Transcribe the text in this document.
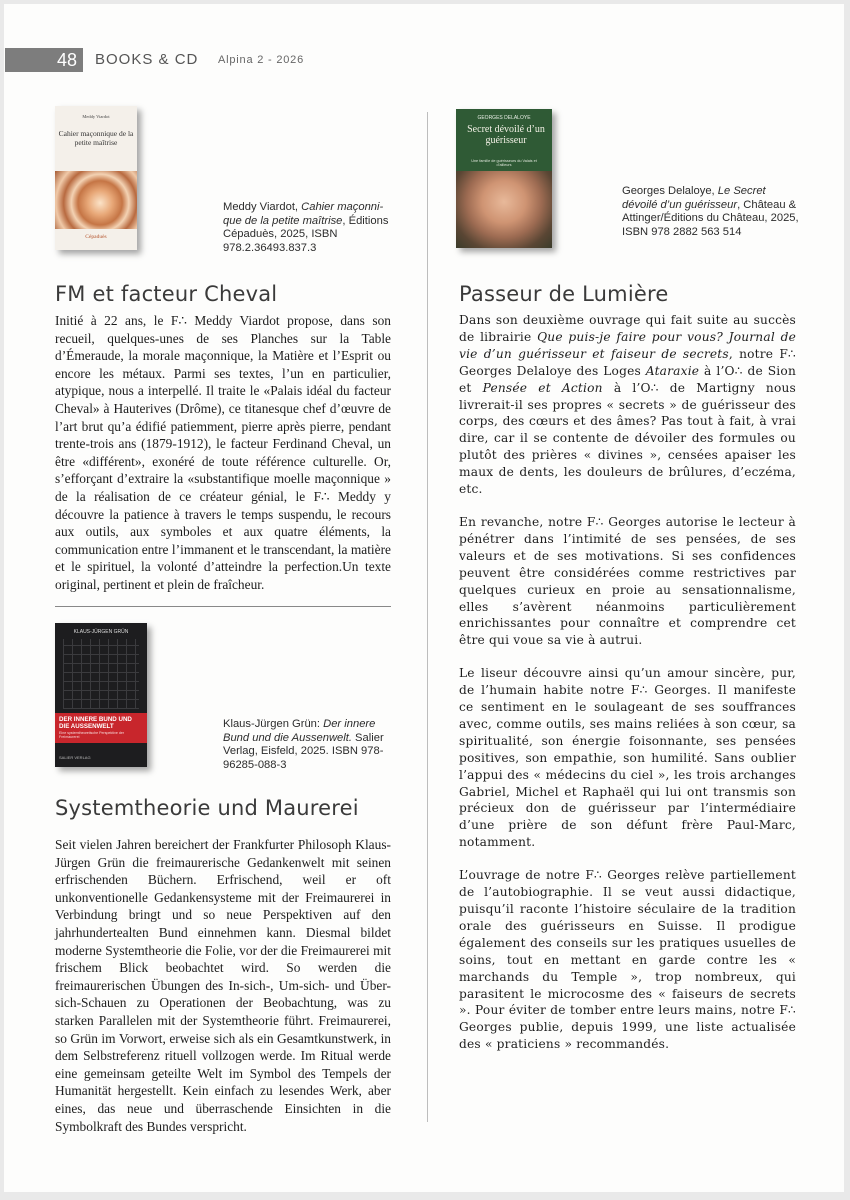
48	BOOKS & CD Alpina 2 - 2026
Meddy Viardot
Cahier maçonnique de la petite maîtrise
Cépaduès
Meddy Viardot, Cahier maçonni-que de la petite maîtrise, Éditions Cépaduès, 2025, ISBN 978.2.36493.837.3
FM et facteur Cheval
Initié à 22 ans, le F∴ Meddy Viardot propose, dans son recueil, quelques-unes de ses Planches sur la Table d’Émeraude, la morale maçonnique, la Matière et l’Esprit ou encore les métaux. Parmi ses textes, l’un en particulier, atypique, nous a interpellé. Il traite le «Palais idéal du facteur Cheval» à Hauterives (Drôme), ce titanesque chef d’œuvre de l’art brut qu’a édifié patiemment, pierre après pierre, pendant trente-trois ans (1879-1912), le facteur Ferdinand Cheval, un être «différent», exonéré de toute référence culturelle. Or, s’efforçant d’extraire la «substantifique moelle maçonnique » de la réalisation de ce créateur génial, le F∴ Meddy y découvre la patience à travers le temps suspendu, le recours aux outils, aux symboles et aux quatre éléments, la communication entre l’immanent et le transcendant, la matière et le spirituel, la volonté d’atteindre la perfection.Un texte original, pertinent et plein de fraîcheur.
GEORGES DELALOYE
Secret dévoilé d’un guérisseur
Une famille de guérisseurs du Valais et d’ailleurs
Georges Delaloye, Le Secret dévoilé d’un guérisseur, Château & Attinger/Éditions du Château, 2025, ISBN 978 2882 563 514
Passeur de Lumière

Dans son deuxième ouvrage qui fait suite au succès de librairie Que puis-je faire pour vous? Journal de vie d’un guérisseur et faiseur de secrets, notre F∴ Georges Delaloye des Loges Ataraxie à l’O∴ de Sion et Pensée et Action à l’O∴ de Martigny nous livrerait-il ses propres « secrets » de guérisseur des corps, des cœurs et des âmes? Pas tout à fait, à vrai dire, car il se contente de dévoiler des formules ou plutôt des prières « divines », censées apaiser les maux de dents, les douleurs de brûlures, d’eczéma, etc.

En revanche, notre F∴ Georges autorise le lecteur à pénétrer dans l’intimité de ses pensées, de ses valeurs et de ses motivations. Si ses confidences peuvent être considérées comme restrictives par quelques curieux en proie au sensationnalisme, elles s’avèrent néanmoins particulièrement enrichissantes pour connaître et comprendre cet être qui voue sa vie à autrui.

Le liseur découvre ainsi qu’un amour sincère, pur, de l’humain habite notre F∴ Georges. Il manifeste ce sentiment en le soulageant de ses souffrances avec, comme outils, ses mains reliées à son cœur, sa spiritualité, son énergie foisonnante, ses pensées positives, son empathie, son humilité. Sans oublier l’appui des « médecins du ciel », les trois archanges Gabriel, Michel et Raphaël qui lui ont transmis son précieux don de guérisseur par l’intermédiaire d’une prière de son défunt frère Paul-Marc, notamment.

L’ouvrage de notre F∴ Georges relève partiellement de l’autobiographie. Il se veut aussi didactique, puisqu’il raconte l’histoire séculaire de la tradition orale des guérisseurs en Suisse. Il prodigue également des conseils sur les pratiques usuelles de soins, tout en mettant en garde contre les « marchands du Temple », trop nombreux, qui parasitent le microcosme des « faiseurs de secrets ». Pour éviter de tomber entre leurs mains, notre F∴ Georges publie, depuis 1999, une liste actualisée des « praticiens » recommandés.

KLAUS-JÜRGEN GRÜN
DER INNERE BUND UND DIE AUSSENWELT
Eine systemtheoretische Perspektive der Freimaurerei
SALIER VERLAG
Klaus-Jürgen Grün: Der innere Bund und die Aussenwelt. Salier Verlag, Eisfeld, 2025. ISBN 978-96285-088-3
Systemtheorie und Maurerei
Seit vielen Jahren bereichert der Frankfurter Philosoph Klaus-Jürgen Grün die freimaurerische Gedankenwelt mit seinen erfrischenden Büchern. Erfrischend, weil er oft unkonventionelle Gedankensysteme mit der Freimaurerei in Verbindung bringt und so neue Perspektiven auf den jahrhundertealten Bund einnehmen kann. Diesmal bildet moderne Systemtheorie die Folie, vor der die Freimaurerei mit frischem Blick beobachtet wird. So werden die freimaurerischen Übungen des In-sich-, Um-sich- und Über-sich-Schauen zu Operationen der Beobachtung, was zu starken Parallelen mit der Systemtheorie führt. Freimaurerei, so Grün im Vorwort, erweise sich als ein Gesamtkunstwerk, in dem Selbstreferenz rituell vollzogen werde. Im Ritual werde eine gemeinsam geteilte Welt im Symbol des Tempels der Humanität hergestellt. Kein einfach zu lesendes Werk, aber eines, das neue und überraschende Einsichten in die Symbolkraft des Bundes verspricht.
